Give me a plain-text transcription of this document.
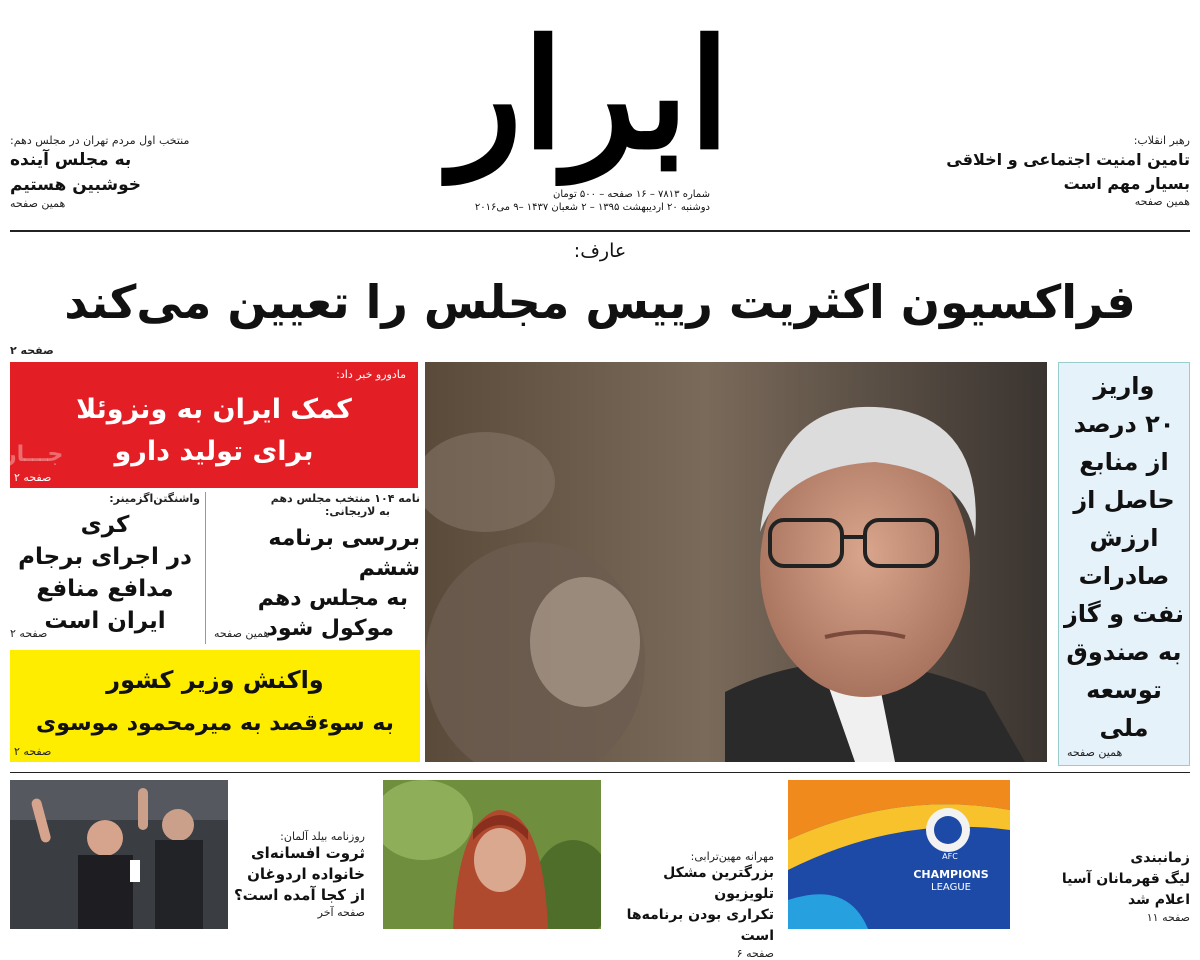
ابرار
شماره ۷۸۱۳ – ۱۶ صفحه – ۵۰۰ تومان
دوشنبه ۲۰ اردیبهشت ۱۳۹۵ – ۲ شعبان ۱۴۳۷ –۹ می۲۰۱۶
منتخب اول مردم تهران در مجلس دهم:
به مجلس آینده
خوشبین هستیم
همین صفحه
رهبر انقلاب:
تامین امنیت اجتماعی و اخلاقی
بسیار مهم است
همین صفحه
عارف:
فراکسیون اکثریت رییس مجلس را تعیین می‌کند
صفحه ۲
مادورو خبر داد:
کمک ایران به ونزوئلا
برای تولید دارو
صفحه ۲
جـــار
واشنگتن‌اگزمینر:
کری
در اجرای برجام
مدافع منافع
ایران است
صفحه ۲
نامه ۱۰۴ منتخب مجلس دهم
به لاریجانی:
بررسی برنامه ششم
به مجلس دهم
موکول شود
همین صفحه
واکنش وزیر کشور
به سوءقصد به میرمحمود موسوی
صفحه ۲
واریز
۲۰ درصد
از منابع
حاصل از
ارزش
صادرات
نفت و گاز
به صندوق
توسعه ملی
همین صفحه
روزنامه بیلد آلمان:
ثروت افسانه‌ای
خانواده اردوغان
از کجا آمده است؟
صفحه آخر
مهرانه مهین‌ترابی:
بزرگترین مشکل تلویزیون
تکراری بودن برنامه‌ها است
صفحه ۶
AFC
CHAMPIONS
LEAGUE
زمانبندی
لیگ قهرمانان آسیا
اعلام شد
صفحه ۱۱
